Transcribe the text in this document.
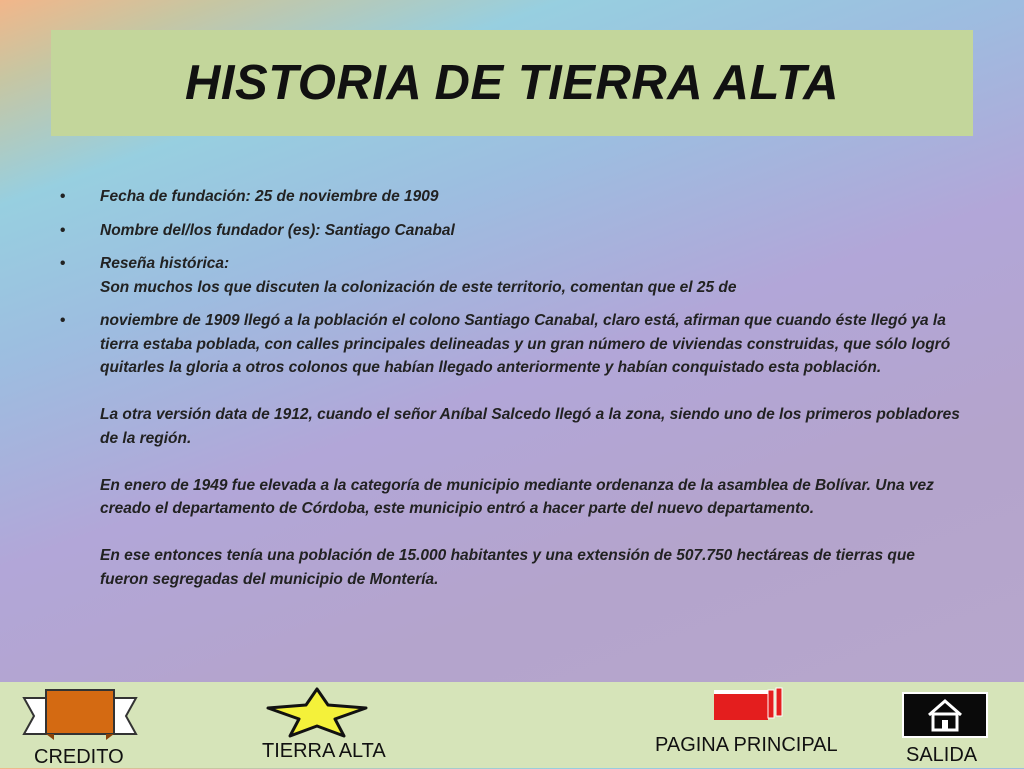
HISTORIA DE TIERRA ALTA
• Fecha de fundación: 25 de noviembre de 1909

• Nombre del/los fundador (es): Santiago Canabal

• Reseña histórica:

Son muchos los que discuten la colonización de este territorio, comentan que el 25 de

• noviembre de 1909 llegó a la población el colono Santiago Canabal, claro está, afirman que cuando éste llegó ya la tierra estaba poblada, con calles principales delineadas y un gran número de viviendas construidas, que sólo logró quitarles la gloria a otros colonos que habían llegado anteriormente y habían conquistado esta población.

La otra versión data de 1912, cuando el señor Aníbal Salcedo llegó a la zona, siendo uno de los primeros pobladores de la región.

En enero de 1949 fue elevada a la categoría de municipio mediante ordenanza de la asamblea de Bolívar. Una vez creado el departamento de Córdoba, este municipio entró a hacer parte del nuevo departamento.

En ese entonces tenía una población de 15.000 habitantes y una extensión de 507.750 hectáreas de tierras que fueron segregadas del municipio de Montería.

CREDITO	TIERRA ALTA	PAGINA PRINCIPAL	SALIDA
